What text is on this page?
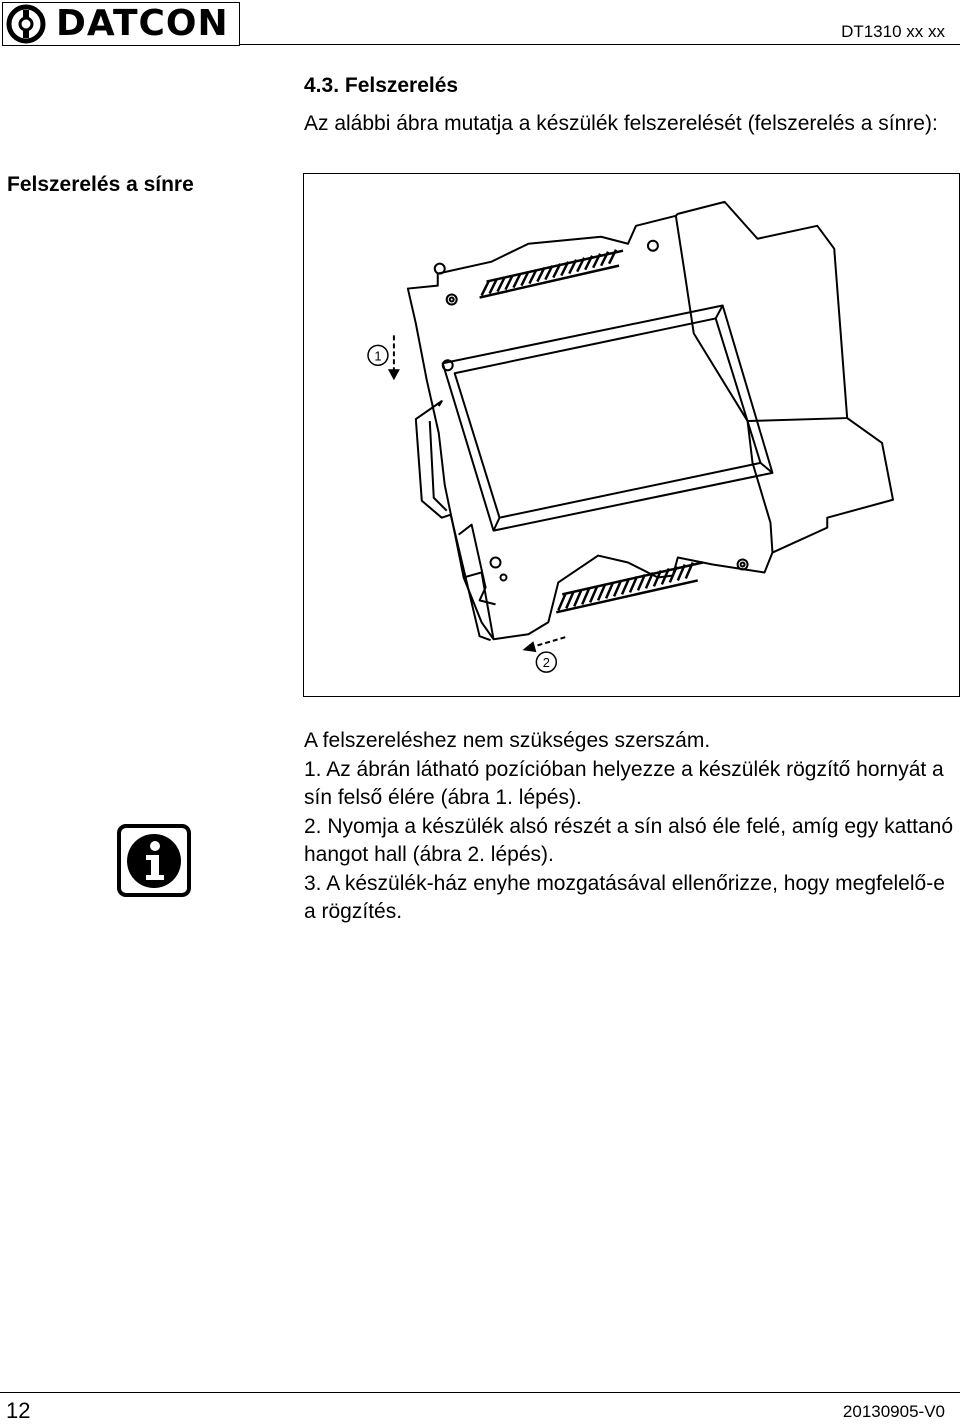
DATCON	DT1310 xx xx
4.3. Felszerelés
Az alábbi ábra mutatja a készülék felszerelését (felszerelés a sínre):
Felszerelés a sínre
1
2

A felszereléshez nem szükséges szerszám.

1. Az ábrán látható pozícióban helyezze a készülék rögzítő hornyát a sín felső élére (ábra 1. lépés).

2. Nyomja a készülék alsó részét a sín alsó éle felé, amíg egy kattanó hangot hall (ábra 2. lépés).

3. A készülék-ház enyhe mozgatásával ellenőrizze, hogy megfelelő-e a rögzítés.

12	20130905-V0
